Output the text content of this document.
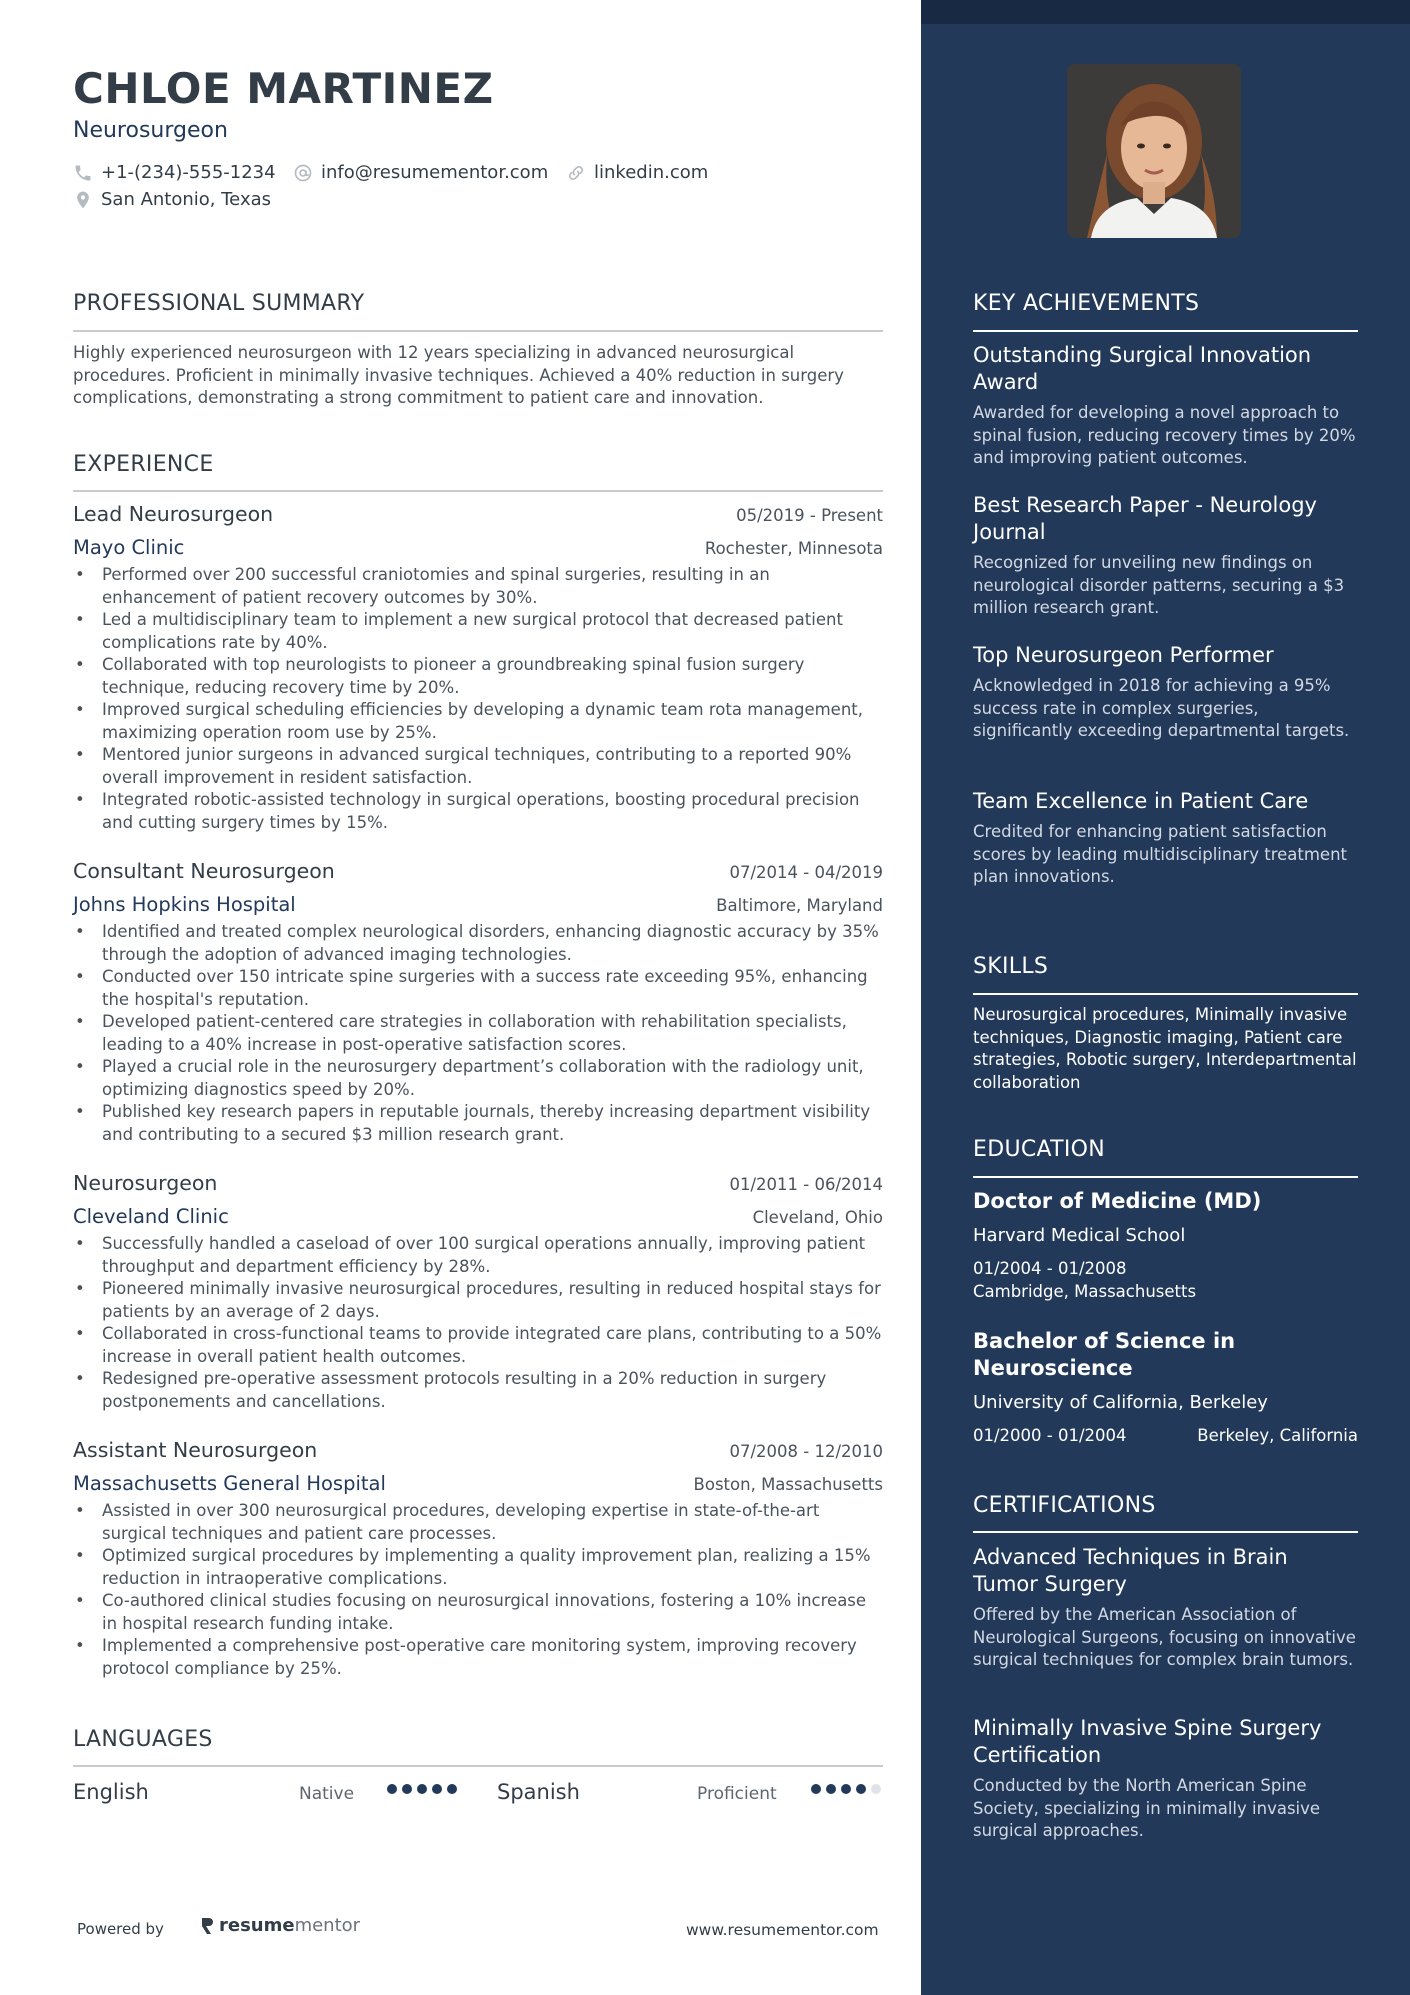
CHLOE MARTINEZ
Neurosurgeon
+1-(234)-555-1234	info@resumementor.com	linkedin.com
San Antonio, Texas
PROFESSIONAL SUMMARY
Highly experienced neurosurgeon with 12 years specializing in advanced neurosurgical procedures. Proficient in minimally invasive techniques. Achieved a 40% reduction in surgery complications, demonstrating a strong commitment to patient care and innovation.
EXPERIENCE
Lead Neurosurgeon	05/2019 - Present
Mayo Clinic	Rochester, Minnesota
• Performed over 200 successful craniotomies and spinal surgeries, resulting in an enhancement of patient recovery outcomes by 30%.
• Led a multidisciplinary team to implement a new surgical protocol that decreased patient complications rate by 40%.
• Collaborated with top neurologists to pioneer a groundbreaking spinal fusion surgery technique, reducing recovery time by 20%.
• Improved surgical scheduling efficiencies by developing a dynamic team rota management, maximizing operation room use by 25%.
• Mentored junior surgeons in advanced surgical techniques, contributing to a reported 90% overall improvement in resident satisfaction.
• Integrated robotic-assisted technology in surgical operations, boosting procedural precision and cutting surgery times by 15%.
Consultant Neurosurgeon	07/2014 - 04/2019
Johns Hopkins Hospital	Baltimore, Maryland
• Identified and treated complex neurological disorders, enhancing diagnostic accuracy by 35% through the adoption of advanced imaging technologies.
• Conducted over 150 intricate spine surgeries with a success rate exceeding 95%, enhancing the hospital's reputation.
• Developed patient-centered care strategies in collaboration with rehabilitation specialists, leading to a 40% increase in post-operative satisfaction scores.
• Played a crucial role in the neurosurgery department’s collaboration with the radiology unit, optimizing diagnostics speed by 20%.
• Published key research papers in reputable journals, thereby increasing department visibility and contributing to a secured $3 million research grant.
Neurosurgeon	01/2011 - 06/2014
Cleveland Clinic	Cleveland, Ohio
• Successfully handled a caseload of over 100 surgical operations annually, improving patient throughput and department efficiency by 28%.
• Pioneered minimally invasive neurosurgical procedures, resulting in reduced hospital stays for patients by an average of 2 days.
• Collaborated in cross-functional teams to provide integrated care plans, contributing to a 50% increase in overall patient health outcomes.
• Redesigned pre-operative assessment protocols resulting in a 20% reduction in surgery postponements and cancellations.
Assistant Neurosurgeon	07/2008 - 12/2010
Massachusetts General Hospital	Boston, Massachusetts
• Assisted in over 300 neurosurgical procedures, developing expertise in state-of-the-art surgical techniques and patient care processes.
• Optimized surgical procedures by implementing a quality improvement plan, realizing a 15% reduction in intraoperative complications.
• Co-authored clinical studies focusing on neurosurgical innovations, fostering a 10% increase in hospital research funding intake.
• Implemented a comprehensive post-operative care monitoring system, improving recovery protocol compliance by 25%.
LANGUAGES
English	Native	Spanish	Proficient
Powered by	resume mentor	www.resumementor.com
KEY ACHIEVEMENTS
Outstanding Surgical Innovation Award
Awarded for developing a novel approach to spinal fusion, reducing recovery times by 20% and improving patient outcomes.
Best Research Paper - Neurology Journal
Recognized for unveiling new findings on neurological disorder patterns, securing a $3 million research grant.
Top Neurosurgeon Performer
Acknowledged in 2018 for achieving a 95% success rate in complex surgeries, significantly exceeding departmental targets.
Team Excellence in Patient Care
Credited for enhancing patient satisfaction scores by leading multidisciplinary treatment plan innovations.
SKILLS
Neurosurgical procedures, Minimally invasive techniques, Diagnostic imaging, Patient care strategies, Robotic surgery, Interdepartmental collaboration
EDUCATION
Doctor of Medicine (MD)
Harvard Medical School
01/2004 - 01/2008
Cambridge, Massachusetts
Bachelor of Science in Neuroscience
University of California, Berkeley
01/2000 - 01/2004	Berkeley, California
CERTIFICATIONS
Advanced Techniques in Brain Tumor Surgery
Offered by the American Association of Neurological Surgeons, focusing on innovative surgical techniques for complex brain tumors.
Minimally Invasive Spine Surgery Certification
Conducted by the North American Spine Society, specializing in minimally invasive surgical approaches.
